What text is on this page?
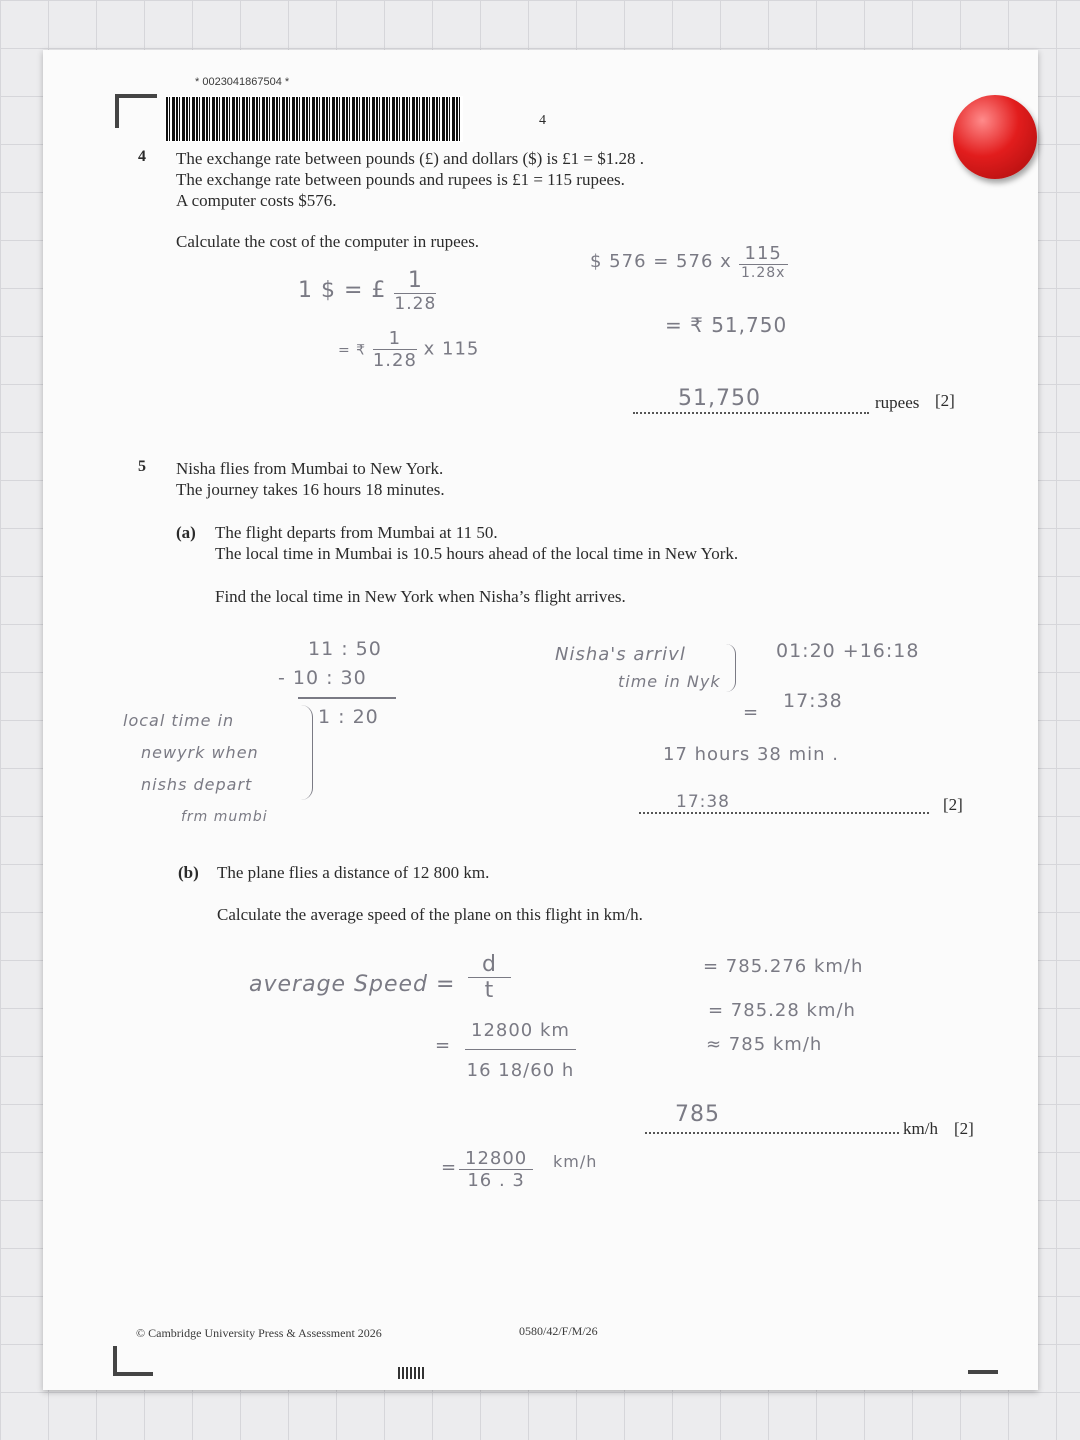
* 0023041867504 *
4
4 The exchange rate between pounds (£) and dollars ($) is £1 = $1.28 .
The exchange rate between pounds and rupees is £1 = 115 rupees.
A computer costs $576.
Calculate the cost of the computer in rupees.
1 $ = £ $\frac{1}{1.28}$
= ₹ $\frac{1}{1.28}$ x 115
$ 576 = 576 x $\frac{115}{1.28x}$
= ₹ 51,750
51,750	rupees [2]
5 Nisha flies from Mumbai to New York.
The journey takes 16 hours 18 minutes.
(a) The flight departs from Mumbai at 11 50.
The local time in Mumbai is 10.5 hours ahead of the local time in New York.
Find the local time in New York when Nisha’s flight arrives.
11 : 50
- 10 : 30
1 : 20
local time in
newyrk when
nishs depart
frm mumbi
Nisha's arrivl
time in Nyk
01:20 +16:18
=
17:38
17 hours 38 min .
17:38	[2]
(b) The plane flies a distance of 12 800 km.
Calculate the average speed of the plane on this flight in km/h.
average Speed = $\frac{d}{t}$
= $\frac{12800 km}{16 18/60 h}$
= $\frac{12800}{16 . 3} km/h$
= 785.276 km/h
= 785.28 km/h
≈ 785 km/h
785
km/h [2]
© Cambridge University Press & Assessment 2026	0580/42/F/M/26
